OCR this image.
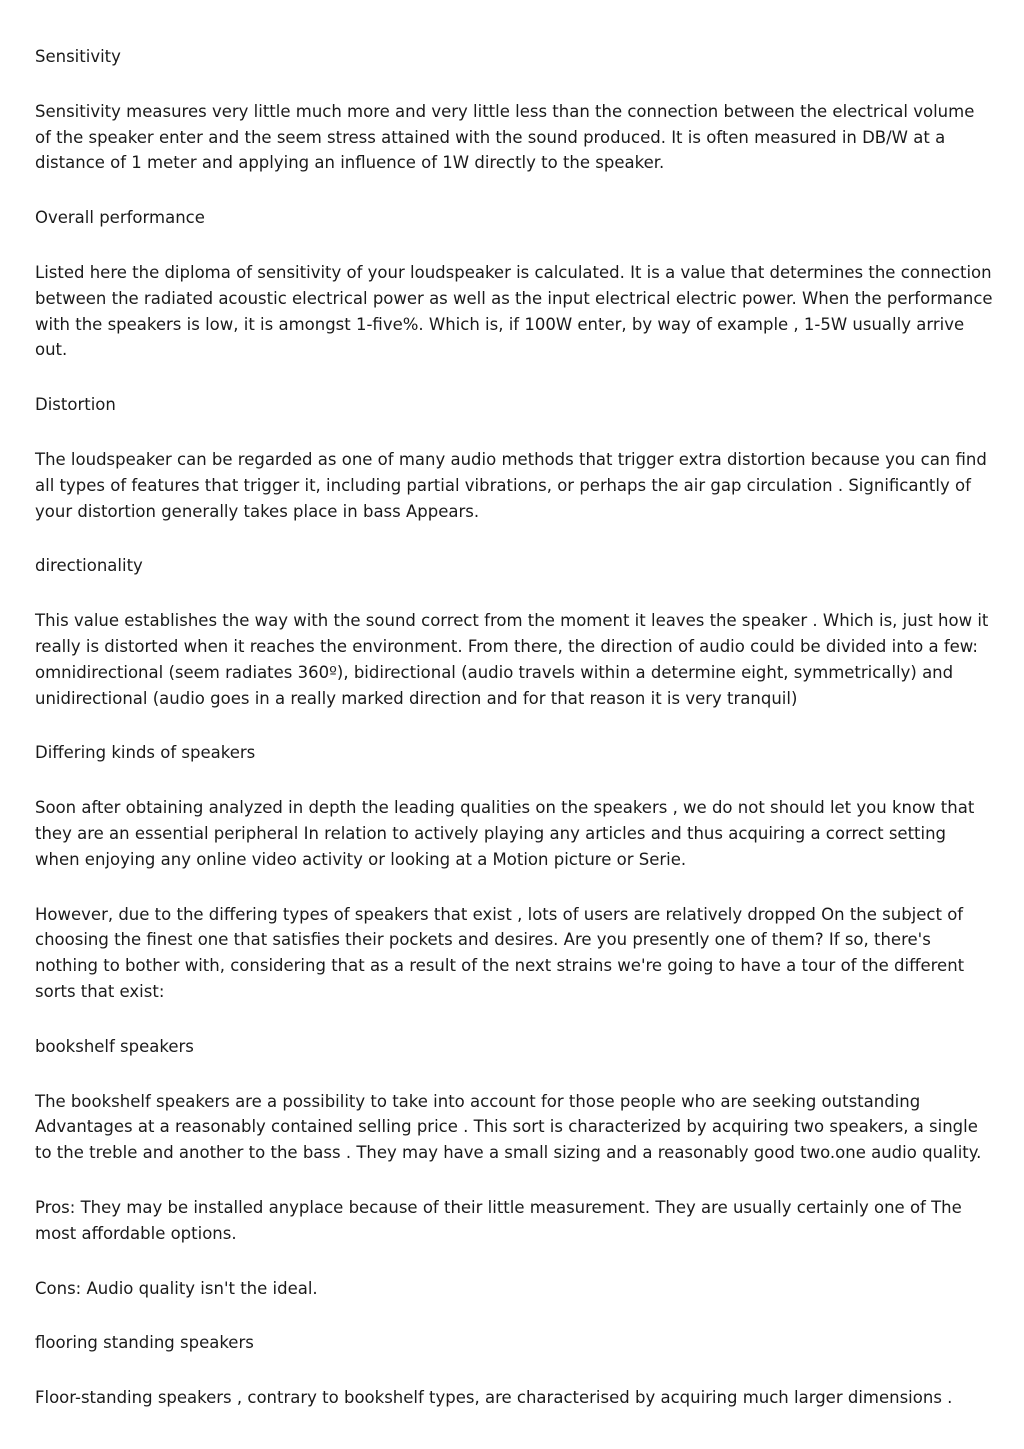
Sensitivity

Sensitivity measures very little much more and very little less than the connection between the electrical volume of the speaker enter and the seem stress attained with the sound produced. It is often measured in DB/W at a distance of 1 meter and applying an influence of 1W directly to the speaker.

Overall performance

Listed here the diploma of sensitivity of your loudspeaker is calculated. It is a value that determines the connection between the radiated acoustic electrical power as well as the input electrical electric power. When the performance with the speakers is low, it is amongst 1-five%. Which is, if 100W enter, by way of example , 1-5W usually arrive out.

Distortion

The loudspeaker can be regarded as one of many audio methods that trigger extra distortion because you can find all types of features that trigger it, including partial vibrations, or perhaps the air gap circulation . Significantly of your distortion generally takes place in bass Appears.

directionality

This value establishes the way with the sound correct from the moment it leaves the speaker . Which is, just how it really is distorted when it reaches the environment. From there, the direction of audio could be divided into a few: omnidirectional (seem radiates 360º), bidirectional (audio travels within a determine eight, symmetrically) and unidirectional (audio goes in a really marked direction and for that reason it is very tranquil)

Differing kinds of speakers

Soon after obtaining analyzed in depth the leading qualities on the speakers , we do not should let you know that they are an essential peripheral In relation to actively playing any articles and thus acquiring a correct setting when enjoying any online video activity or looking at a Motion picture or Serie.

However, due to the differing types of speakers that exist , lots of users are relatively dropped On the subject of choosing the finest one that satisfies their pockets and desires. Are you presently one of them? If so, there's nothing to bother with, considering that as a result of the next strains we're going to have a tour of the different sorts that exist:

bookshelf speakers

The bookshelf speakers are a possibility to take into account for those people who are seeking outstanding Advantages at a reasonably contained selling price . This sort is characterized by acquiring two speakers, a single to the treble and another to the bass . They may have a small sizing and a reasonably good two.one audio quality.

Pros: They may be installed anyplace because of their little measurement. They are usually certainly one of The most affordable options.

Cons: Audio quality isn't the ideal.

flooring standing speakers

Floor-standing speakers , contrary to bookshelf types, are characterised by acquiring much larger dimensions .
